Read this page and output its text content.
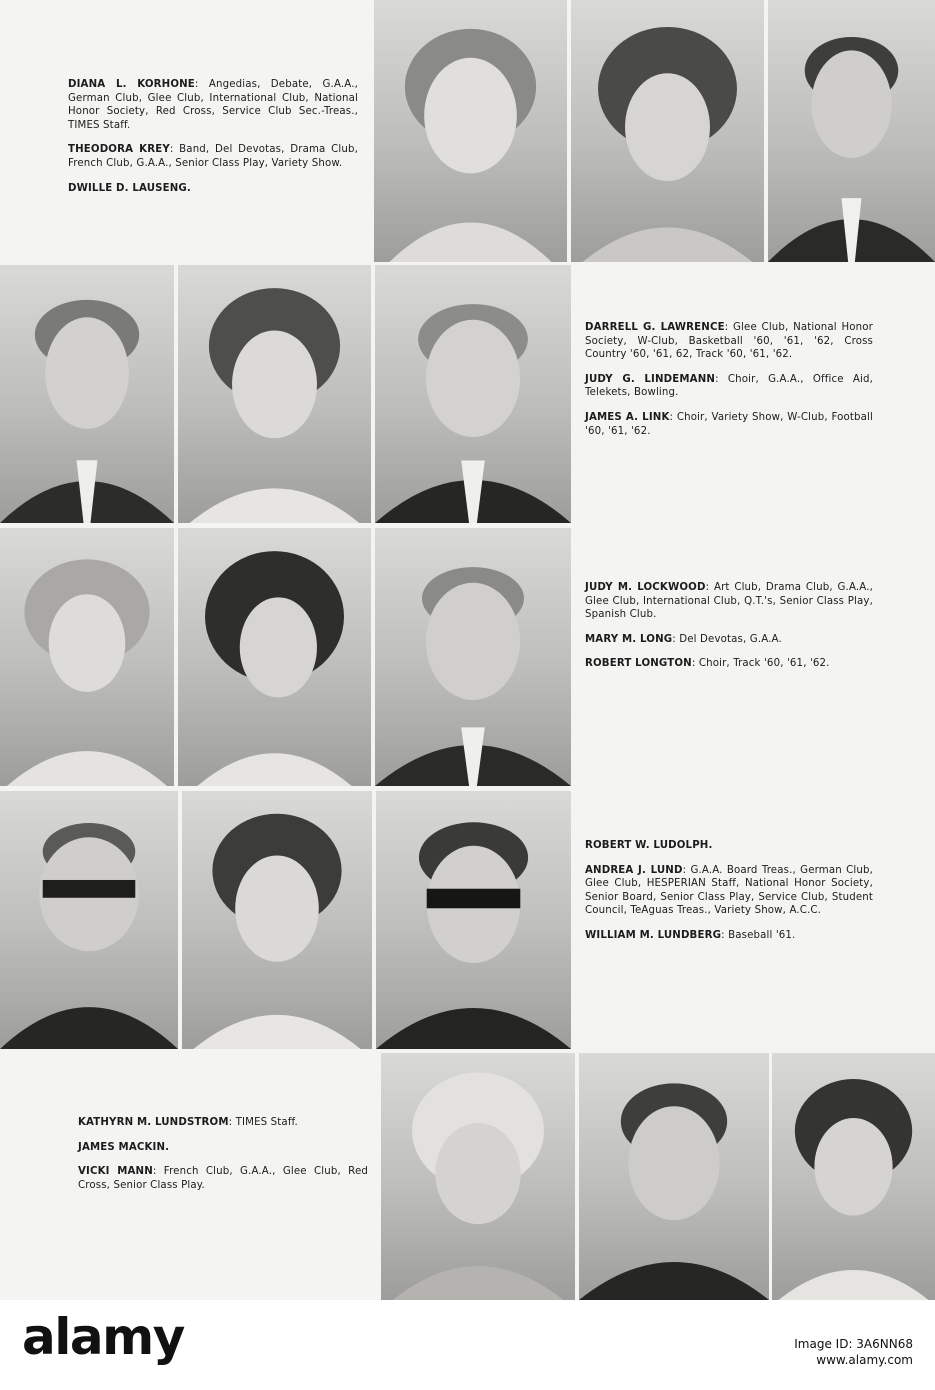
DIANA L. KORHONE: Angedias, Debate, G.A.A., German Club, Glee Club, International Club, National Honor Society, Red Cross, Service Club Sec.-Treas., TIMES Staff.

THEODORA KREY: Band, Del Devotas, Drama Club, French Club, G.A.A., Senior Class Play, Variety Show.

DWILLE D. LAUSENG.

DARRELL G. LAWRENCE: Glee Club, National Honor Society, W-Club, Basketball '60, '61, '62, Cross Country '60, '61, 62, Track '60, '61, '62.

JUDY G. LINDEMANN: Choir, G.A.A., Office Aid, Telekets, Bowling.

JAMES A. LINK: Choir, Variety Show, W-Club, Football '60, '61, '62.

JUDY M. LOCKWOOD: Art Club, Drama Club, G.A.A., Glee Club, International Club, Q.T.'s, Senior Class Play, Spanish Club.

MARY M. LONG: Del Devotas, G.A.A.

ROBERT LONGTON: Choir, Track '60, '61, '62.

ROBERT W. LUDOLPH.

ANDREA J. LUND: G.A.A. Board Treas., German Club, Glee Club, HESPERIAN Staff, National Honor Society, Senior Board, Senior Class Play, Service Club, Student Council, TeAguas Treas., Variety Show, A.C.C.

WILLIAM M. LUNDBERG: Baseball '61.

KATHYRN M. LUNDSTROM: TIMES Staff.

JAMES MACKIN.

VICKI MANN: French Club, G.A.A., Glee Club, Red Cross, Senior Class Play.

alamy	Image ID: 3A6NN68
www.alamy.com
